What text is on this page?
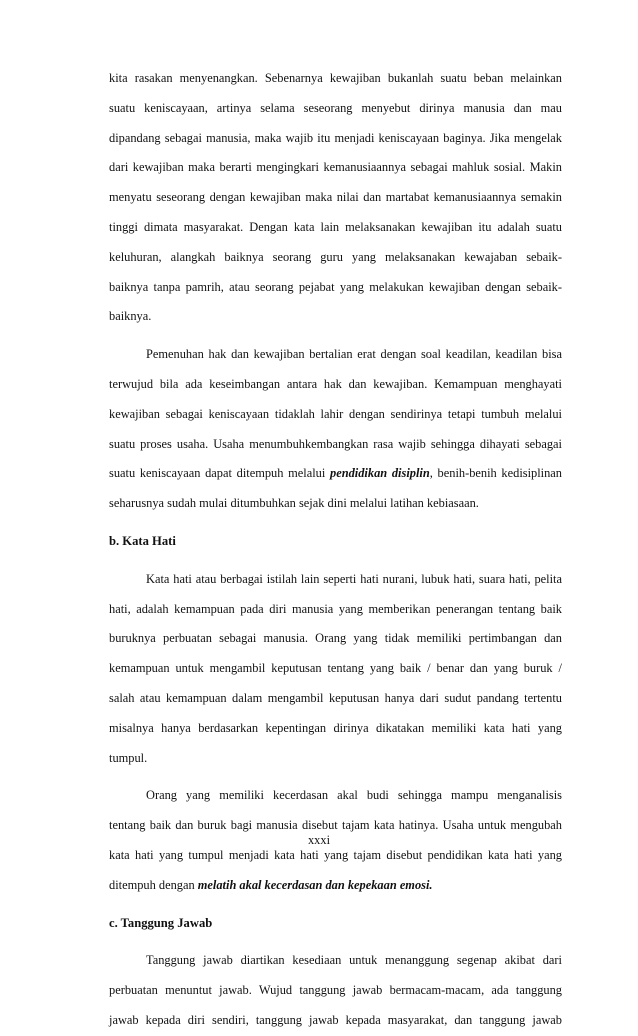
kita rasakan menyenangkan. Sebenarnya kewajiban bukanlah suatu beban melainkan
suatu keniscayaan, artinya selama seseorang menyebut dirinya manusia dan mau
dipandang sebagai manusia, maka wajib itu menjadi keniscayaan baginya. Jika mengelak
dari kewajiban maka berarti mengingkari kemanusiaannya sebagai mahluk sosial. Makin
menyatu seseorang dengan kewajiban maka nilai dan martabat kemanusiaannya semakin
tinggi dimata masyarakat. Dengan kata lain melaksanakan kewajiban itu adalah suatu
keluhuran, alangkah baiknya seorang guru yang melaksanakan kewajaban sebaik-
baiknya tanpa pamrih, atau seorang pejabat yang melakukan kewajiban dengan sebaik-
baiknya.
Pemenuhan hak dan kewajiban bertalian erat dengan soal keadilan, keadilan bisa
terwujud bila ada keseimbangan antara hak dan kewajiban. Kemampuan menghayati
kewajiban sebagai keniscayaan tidaklah lahir dengan sendirinya tetapi tumbuh melalui
suatu proses usaha. Usaha menumbuhkembangkan rasa wajib sehingga dihayati sebagai
suatu keniscayaan dapat ditempuh melalui pendidikan disiplin, benih-benih kedisiplinan
seharusnya sudah mulai ditumbuhkan sejak dini melalui latihan kebiasaan.
b. Kata Hati
Kata hati atau berbagai istilah lain seperti hati nurani, lubuk hati, suara hati, pelita
hati, adalah kemampuan pada diri manusia yang memberikan penerangan tentang baik
buruknya perbuatan sebagai manusia. Orang yang tidak memiliki pertimbangan dan
kemampuan untuk mengambil keputusan tentang yang baik / benar dan yang buruk /
salah atau kemampuan dalam mengambil keputusan hanya dari sudut pandang tertentu
misalnya hanya berdasarkan kepentingan dirinya dikatakan memiliki kata hati yang
tumpul.
Orang yang memiliki kecerdasan akal budi sehingga mampu menganalisis
tentang baik dan buruk bagi manusia disebut tajam kata hatinya. Usaha untuk mengubah
kata hati yang tumpul menjadi kata hati yang tajam disebut pendidikan kata hati yang
ditempuh dengan melatih akal kecerdasan dan kepekaan emosi.
c. Tanggung Jawab
Tanggung jawab diartikan kesediaan untuk menanggung segenap akibat dari
perbuatan menuntut jawab. Wujud tanggung jawab bermacam-macam, ada tanggung
jawab kepada diri sendiri, tanggung jawab kepada masyarakat, dan tanggung jawab
xxxi
